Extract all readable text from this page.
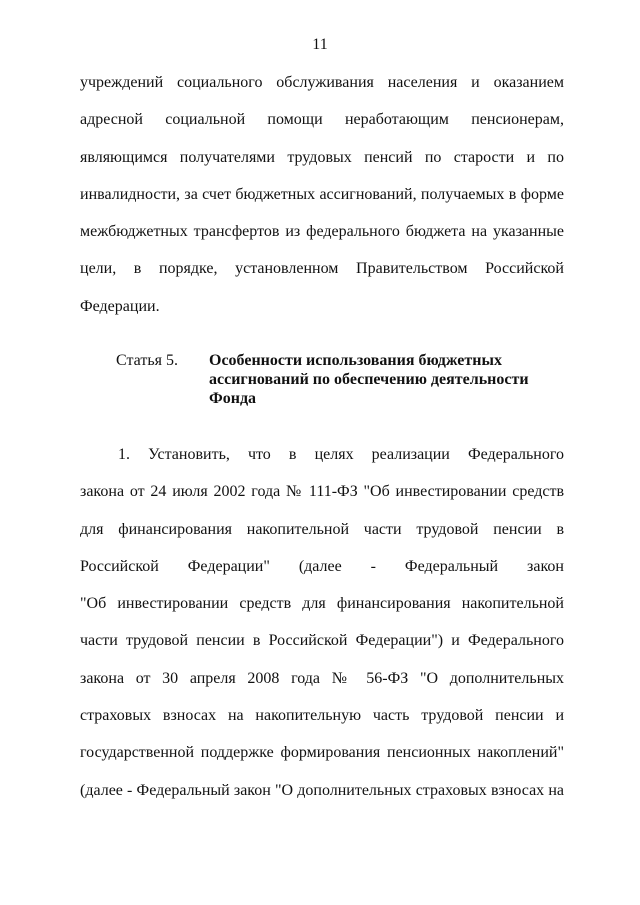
11
учреждений социального обслуживания населения и оказанием
адресной социальной помощи неработающим пенсионерам,
являющимся получателями трудовых пенсий по старости и по
инвалидности, за счет бюджетных ассигнований, получаемых в форме
межбюджетных трансфертов из федерального бюджета на указанные
цели, в порядке, установленном Правительством Российской
Федерации.
Статья 5. Особенности использования бюджетных
ассигнований по обеспечению деятельности
Фонда
1. Установить, что в целях реализации Федерального
закона от 24 июля 2002 года № 111-ФЗ "Об инвестировании средств
для финансирования накопительной части трудовой пенсии в
Российской Федерации" (далее - Федеральный закон
"Об инвестировании средств для финансирования накопительной
части трудовой пенсии в Российской Федерации") и Федерального
закона от 30 апреля 2008 года № 56-ФЗ "О дополнительных
страховых взносах на накопительную часть трудовой пенсии и
государственной поддержке формирования пенсионных накоплений"
(далее - Федеральный закон "О дополнительных страховых взносах на
